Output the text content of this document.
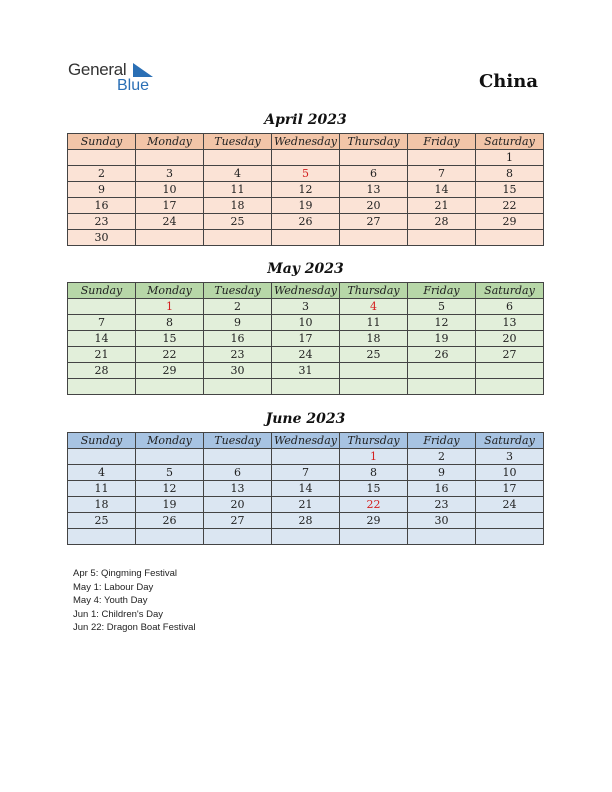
General
Blue	China
April 2023
Sunday	Monday	Tuesday	Wednesday	Thursday	Friday	Saturday
						1
2	3	4	5	6	7	8
9	10	11	12	13	14	15
16	17	18	19	20	21	22
23	24	25	26	27	28	29
30						
May 2023
Sunday	Monday	Tuesday	Wednesday	Thursday	Friday	Saturday
	1	2	3	4	5	6
7	8	9	10	11	12	13
14	15	16	17	18	19	20
21	22	23	24	25	26	27
28	29	30	31			

June 2023
Sunday	Monday	Tuesday	Wednesday	Thursday	Friday	Saturday
				1	2	3
4	5	6	7	8	9	10
11	12	13	14	15	16	17
18	19	20	21	22	23	24
25	26	27	28	29	30	

Apr 5: Qingming Festival
May 1: Labour Day
May 4: Youth Day
Jun 1: Children's Day
Jun 22: Dragon Boat Festival
